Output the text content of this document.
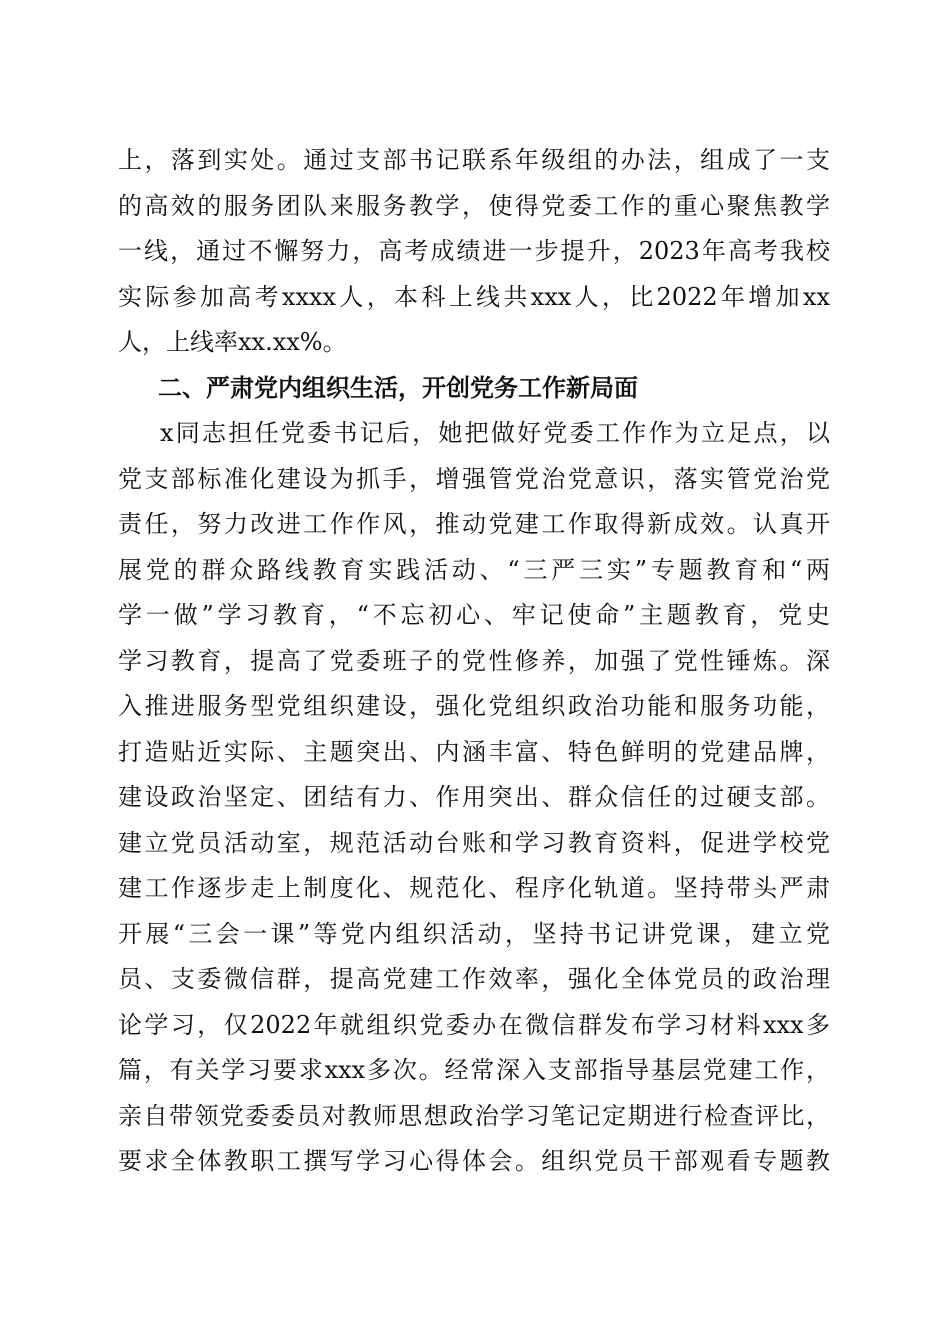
上，落到实处。通过支部书记联系年级组的办法，组成了一支
的高效的服务团队来服务教学，使得党委工作的重心聚焦教学
一线，通过不懈努力，高考成绩进一步提升，2023年高考我校
实际参加高考xxxx人，本科上线共xxx人，比2022年增加xx
人，上线率xx.xx%。
二、严肃党内组织生活，开创党务工作新局面
x同志担任党委书记后，她把做好党委工作作为立足点，以
党支部标准化建设为抓手，增强管党治党意识，落实管党治党
责任，努力改进工作作风，推动党建工作取得新成效。认真开
展党的群众路线教育实践活动、“三严三实”专题教育和“两
学一做”学习教育，“不忘初心、牢记使命”主题教育，党史
学习教育，提高了党委班子的党性修养，加强了党性锤炼。深
入推进服务型党组织建设，强化党组织政治功能和服务功能，
打造贴近实际、主题突出、内涵丰富、特色鲜明的党建品牌，
建设政治坚定、团结有力、作用突出、群众信任的过硬支部。
建立党员活动室，规范活动台账和学习教育资料，促进学校党
建工作逐步走上制度化、规范化、程序化轨道。坚持带头严肃
开展“三会一课”等党内组织活动，坚持书记讲党课，建立党
员、支委微信群，提高党建工作效率，强化全体党员的政治理
论学习，仅2022年就组织党委办在微信群发布学习材料xxx多
篇，有关学习要求xxx多次。经常深入支部指导基层党建工作，
亲自带领党委委员对教师思想政治学习笔记定期进行检查评比，
要求全体教职工撰写学习心得体会。组织党员干部观看专题教
